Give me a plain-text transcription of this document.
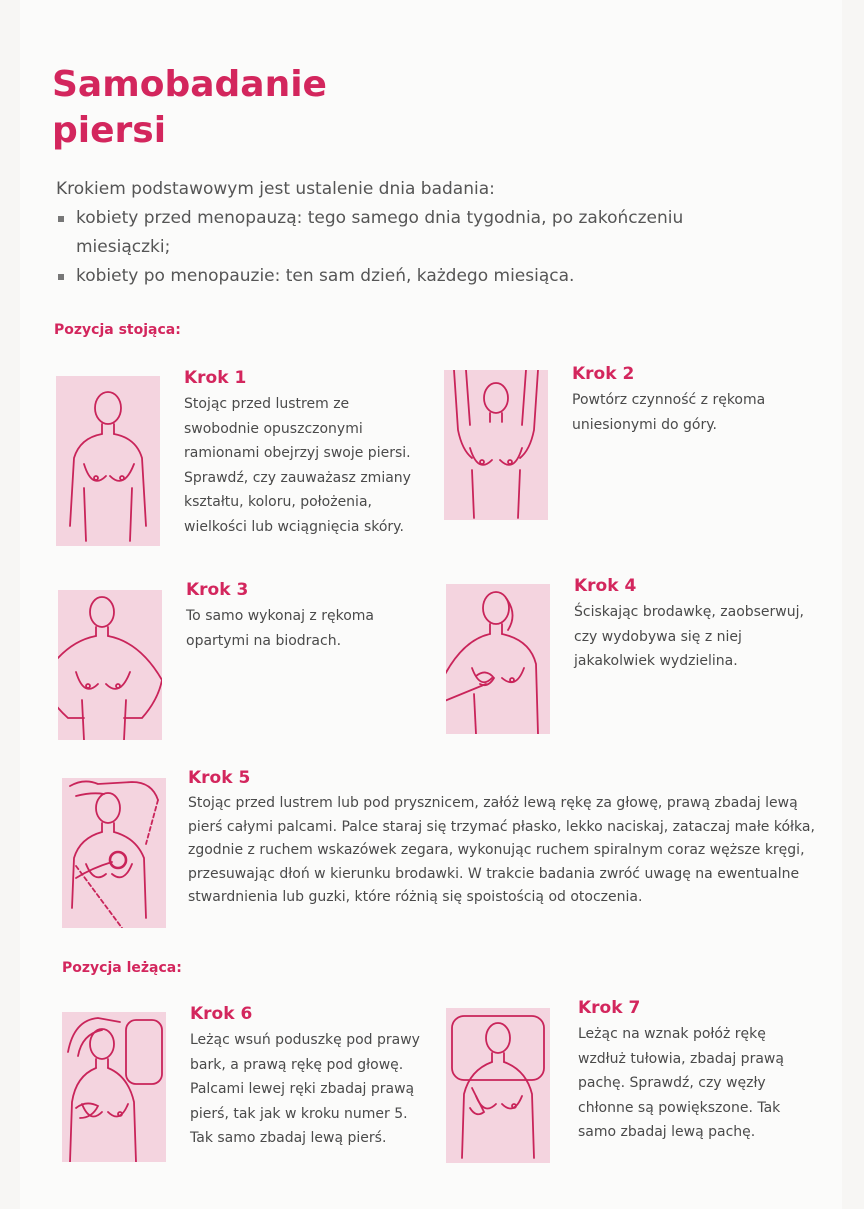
Samobadanie
piersi

Krokiem podstawowym jest ustalenie dnia badania:

kobiety przed menopauzą: tego samego dnia tygodnia, po zakończeniu miesiączki;
kobiety po menopauzie: ten sam dzień, każdego miesiąca.
Pozycja stojąca:
Krok 1

Stojąc przed lustrem ze swobodnie opuszczonymi ramionami obejrzyj swoje piersi. Sprawdź, czy zauważasz zmiany kształtu, koloru, położenia, wielkości lub wciągnięcia skóry.

Krok 2

Powtórz czynność z rękoma uniesionymi do góry.

Krok 3

To samo wykonaj z rękoma opartymi na biodrach.

Krok 4

Ściskając brodawkę, zaobserwuj, czy wydobywa się z niej jakakolwiek wydzielina.

Krok 5

Stojąc przed lustrem lub pod prysznicem, załóż lewą rękę za głowę, prawą zbadaj lewą pierś całymi palcami. Palce staraj się trzymać płasko, lekko naciskaj, zataczaj małe kółka, zgodnie z ruchem wskazówek zegara, wykonując ruchem spiralnym coraz węższe kręgi, przesuwając dłoń w kierunku brodawki. W trakcie badania zwróć uwagę na ewentualne stwardnienia lub guzki, które różnią się spoistością od otoczenia.

Pozycja leżąca:
Krok 6

Leżąc wsuń poduszkę pod prawy bark, a prawą rękę pod głowę. Palcami lewej ręki zbadaj prawą pierś, tak jak w kroku numer 5. Tak samo zbadaj lewą pierś.

Krok 7

Leżąc na wznak połóż rękę wzdłuż tułowia, zbadaj prawą pachę. Sprawdź, czy węzły chłonne są powiększone. Tak samo zbadaj lewą pachę.
